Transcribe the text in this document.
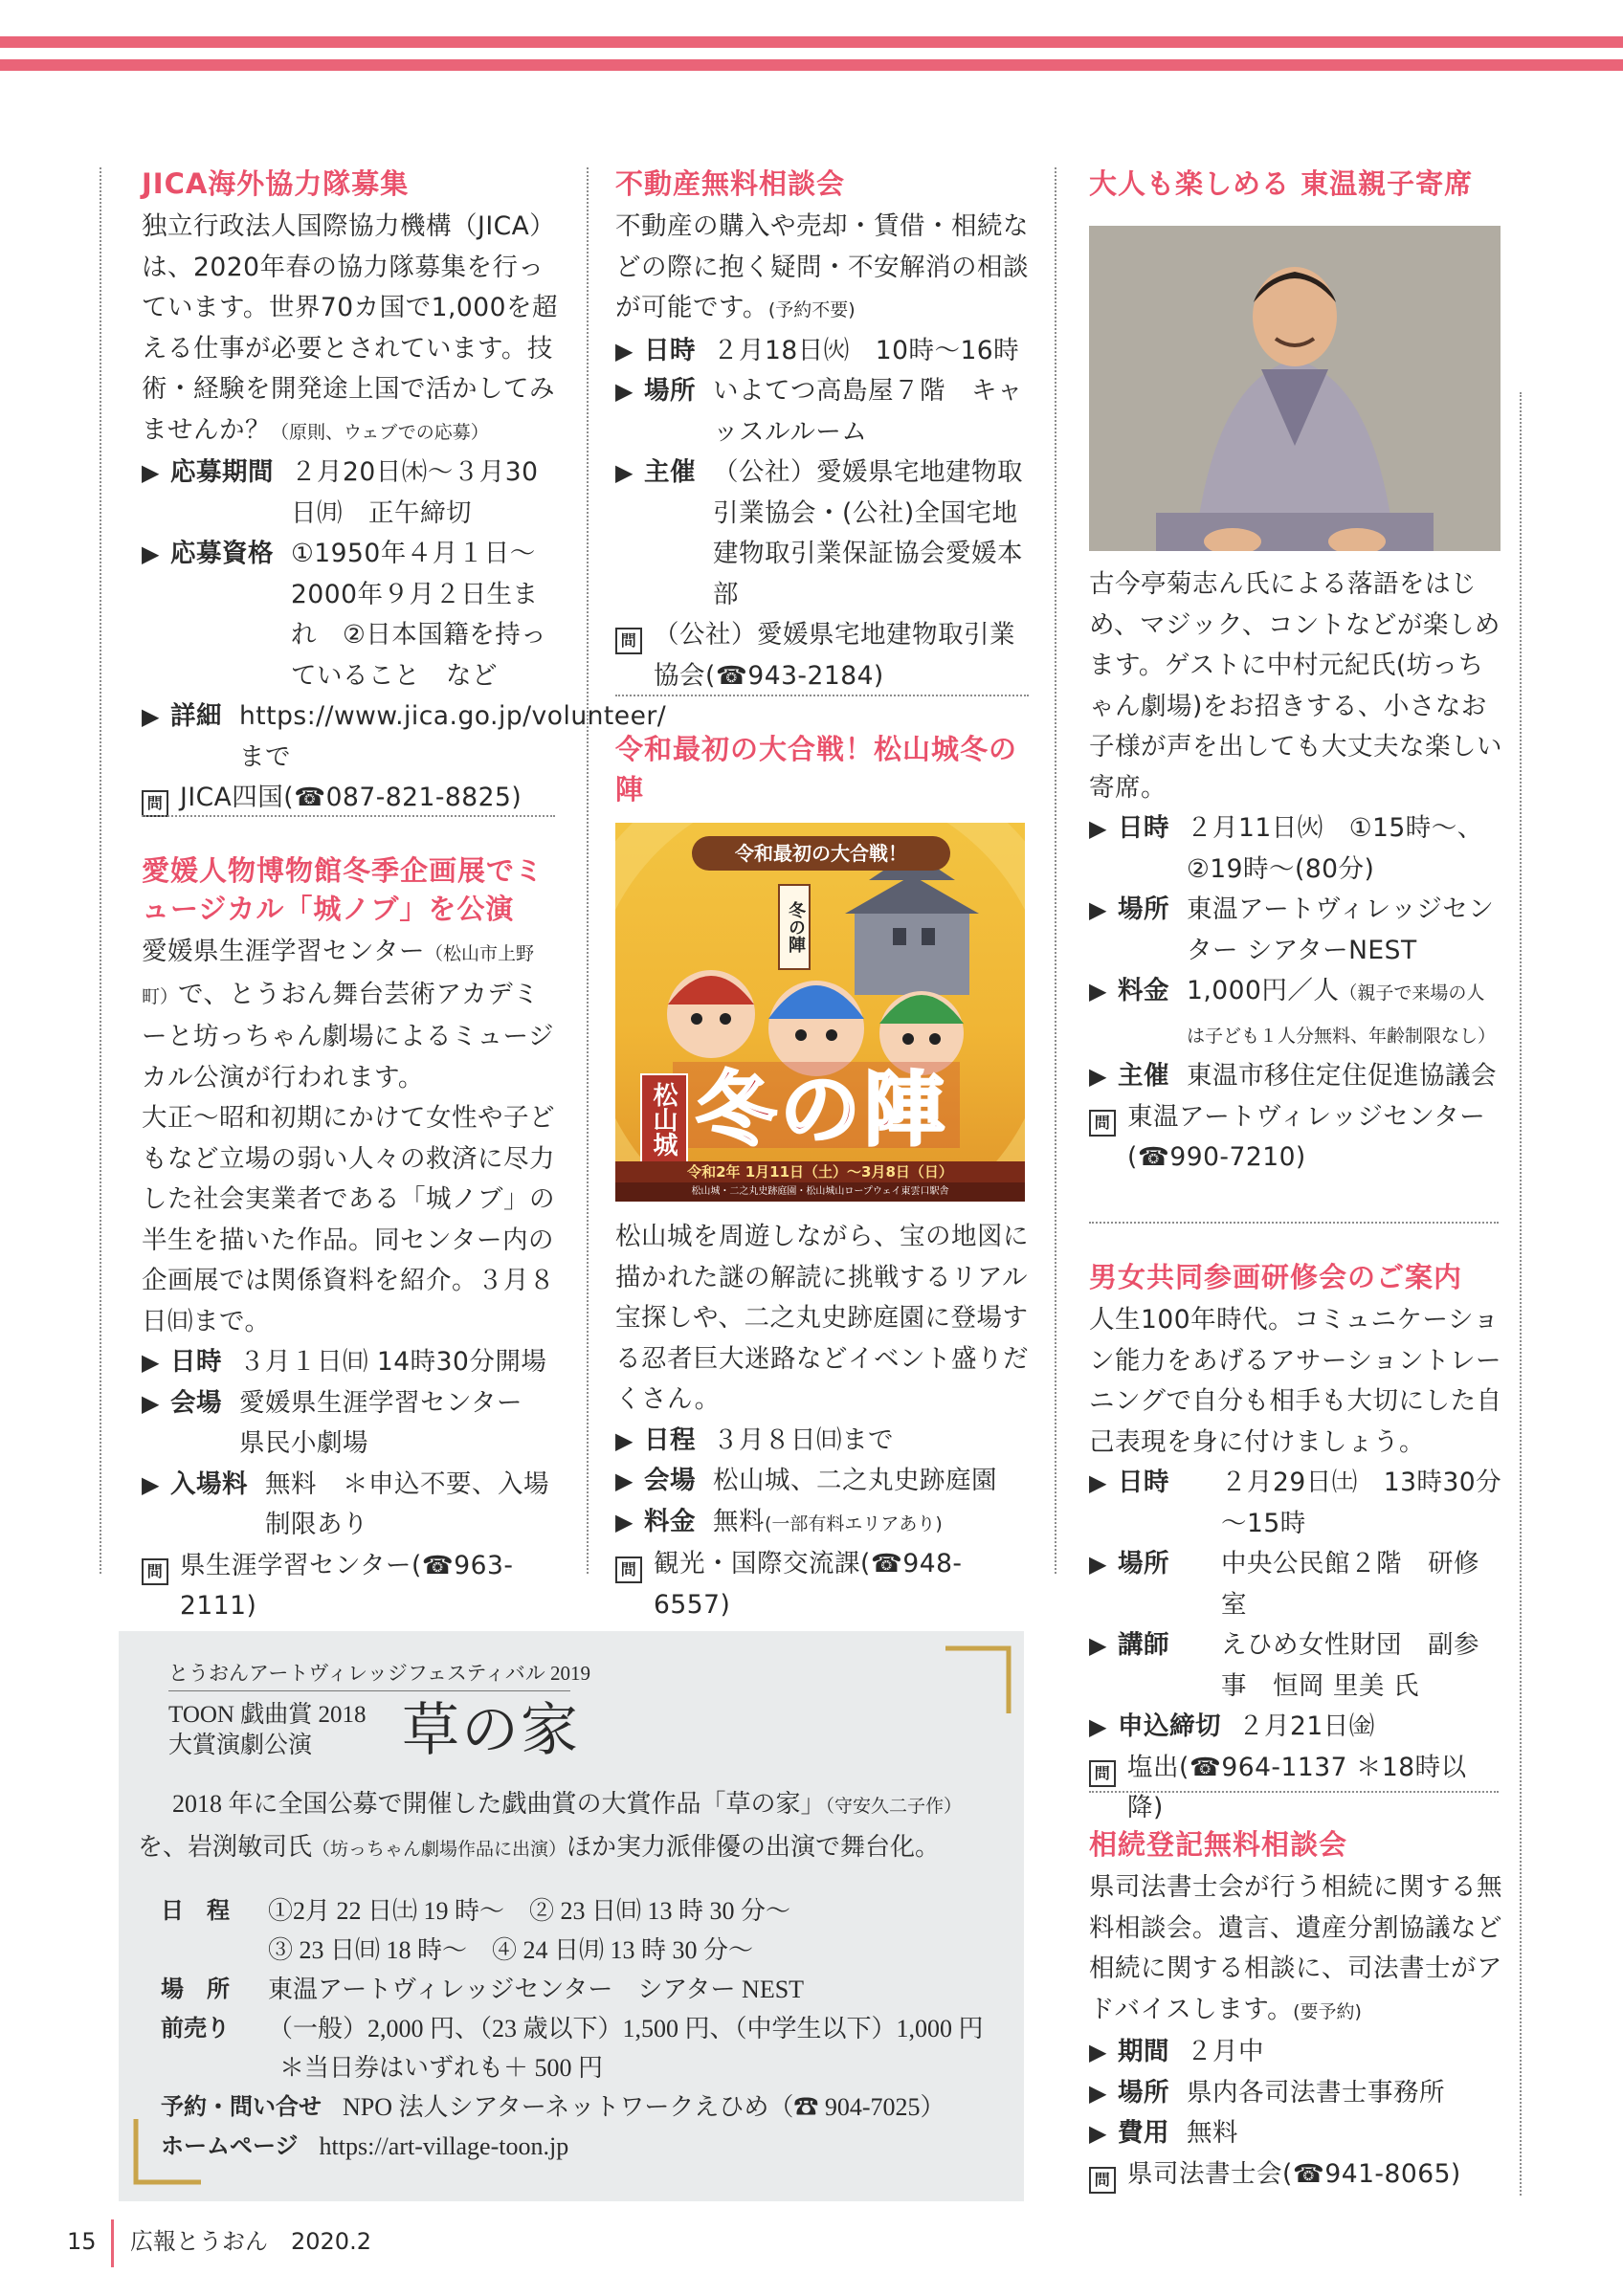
JICA海外協力隊募集

独立行政法人国際協力機構（JICA）は、2020年春の協力隊募集を行っています。世界70カ国で1,000を超える仕事が必要とされています。技術・経験を開発途上国で活かしてみませんか？（原則、ウェブでの応募）

▶ 応募期間 ２月20日㈭～３月30日㈪　正午締切
▶ 応募資格 ①1950年４月１日～2000年９月２日生まれ　②日本国籍を持っていること　など
▶ 詳細 https://www.jica.go.jp/volunteer/　まで
問 JICA四国(☎087-821-8825)
愛媛人物博物館冬季企画展でミュージカル「城ノブ」を公演

愛媛県生涯学習センター（松山市上野町）で、とうおん舞台芸術アカデミーと坊っちゃん劇場によるミュージカル公演が行われます。

大正～昭和初期にかけて女性や子どもなど立場の弱い人々の救済に尽力した社会実業者である「城ノブ」の半生を描いた作品。同センター内の企画展では関係資料を紹介。３月８日㈰まで。

▶ 日時 ３月１日㈰ 14時30分開場
▶ 会場 愛媛県生涯学習センター　県民小劇場
▶ 入場料 無料　＊申込不要、入場制限あり
問 県生涯学習センター(☎963-2111)
不動産無料相談会

不動産の購入や売却・賃借・相続などの際に抱く疑問・不安解消の相談が可能です。(予約不要)

▶ 日時 ２月18日㈫　10時～16時
▶ 場所 いよてつ高島屋７階　キャッスルルーム
▶ 主催 （公社）愛媛県宅地建物取引業協会・(公社)全国宅地建物取引業保証協会愛媛本部
問 （公社）愛媛県宅地建物取引業協会(☎943-2184)
令和最初の大合戦！松山城冬の陣
令和最初の大合戦！
冬の陣
松山城 冬の陣
令和2年 1月11日（土）～3月8日（日）
松山城・二之丸史跡庭園・松山城山ロープウェイ東雲口駅舎

松山城を周遊しながら、宝の地図に描かれた謎の解読に挑戦するリアル宝探しや、二之丸史跡庭園に登場する忍者巨大迷路などイベント盛りだくさん。

▶ 日程 ３月８日㈰まで
▶ 会場 松山城、二之丸史跡庭園
▶ 料金 無料(一部有料エリアあり)
問 観光・国際交流課(☎948-6557)
大人も楽しめる 東温親子寄席

古今亭菊志ん氏による落語をはじめ、マジック、コントなどが楽しめます。ゲストに中村元紀氏(坊っちゃん劇場)をお招きする、小さなお子様が声を出しても大丈夫な楽しい寄席。

▶ 日時 ２月11日㈫　①15時～、②19時～(80分)
▶ 場所 東温アートヴィレッジセンター シアターNEST
▶ 料金 1,000円／人（親子で来場の人は子ども１人分無料、年齢制限なし）
▶ 主催 東温市移住定住促進協議会
問 東温アートヴィレッジセンター(☎990-7210)
男女共同参画研修会のご案内

人生100年時代。コミュニケーション能力をあげるアサーショントレーニングで自分も相手も大切にした自己表現を身に付けましょう。

▶ 日時	２月29日㈯　13時30分～15時
▶ 場所	中央公民館２階　研修室
▶ 講師	えひめ女性財団　副参事　恒岡 里美 氏
▶ 申込締切 ２月21日㈮
問 塩出(☎964-1137 ＊18時以降)
相続登記無料相談会

県司法書士会が行う相続に関する無料相談会。遺言、遺産分割協議など相続に関する相談に、司法書士がアドバイスします。(要予約)

▶ 期間 ２月中
▶ 場所 県内各司法書士事務所
▶ 費用 無料
問 県司法書士会(☎941-8065)
とうおんアートヴィレッジフェスティバル 2019
TOON 戯曲賞 2018
大賞演劇公演 草の家
2018 年に全国公募で開催した戯曲賞の大賞作品「草の家」（守安久二子作）
を、岩渕敏司氏（坊っちゃん劇場作品に出演）ほか実力派俳優の出演で舞台化。
日　程	①2月 22 日㈯ 19 時～　② 23 日㈰ 13 時 30 分～
③ 23 日㈰ 18 時～　④ 24 日㈪ 13 時 30 分～
場　所	東温アートヴィレッジセンター　シアター NEST
前売り	（一般）2,000 円、（23 歳以下）1,500 円、（中学生以下）1,000 円
＊当日券はいずれも＋ 500 円
予約・問い合せ NPO 法人シアターネットワークえひめ（☎ 904-7025）
ホームページ https://art-village-toon.jp
15 広報とうおん　2020.2
